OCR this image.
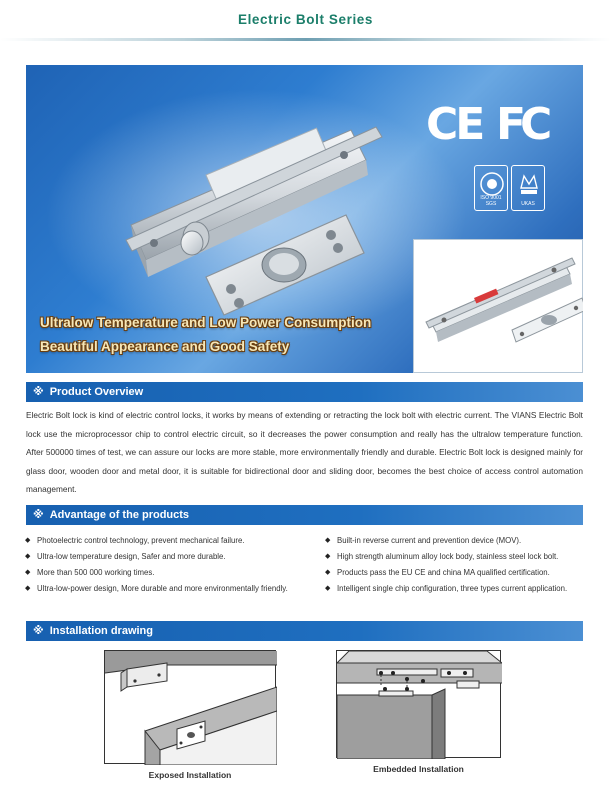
Electric Bolt Series
CE FC
ISO 9001 SGS	UKAS
Ultralow Temperature and Low Power Consumption
Beautiful Appearance and Good Safety
※ Product Overview

Electric Bolt lock is kind of electric control locks, it works by means of extending or retracting the lock bolt with electric current. The VIANS Electric Bolt lock use the microprocessor chip to control electric circuit, so it decreases the power consumption and really has the ultralow temperature function. After 500000 times of test, we can assure our locks are more stable, more environmentally friendly and durable. Electric Bolt lock is designed mainly for glass door, wooden door and metal door, it is suitable for bidirectional door and sliding door, becomes the best choice of access control automation management.

※ Advantage of the products
◆ Photoelectric control technology, prevent mechanical failure.
◆ Ultra-low temperature design, Safer and more durable.
◆ More than 500 000 working times.
◆ Ultra-low-power design, More durable and more environmentally friendly.
◆ Built-in reverse current and prevention device (MOV).
◆ High strength aluminum alloy lock body, stainless steel lock bolt.
◆ Products pass the EU CE and china MA qualified certification.
◆ Intelligent single chip configuration, three types current application.
※ Installation drawing
Exposed Installation
Embedded Installation
